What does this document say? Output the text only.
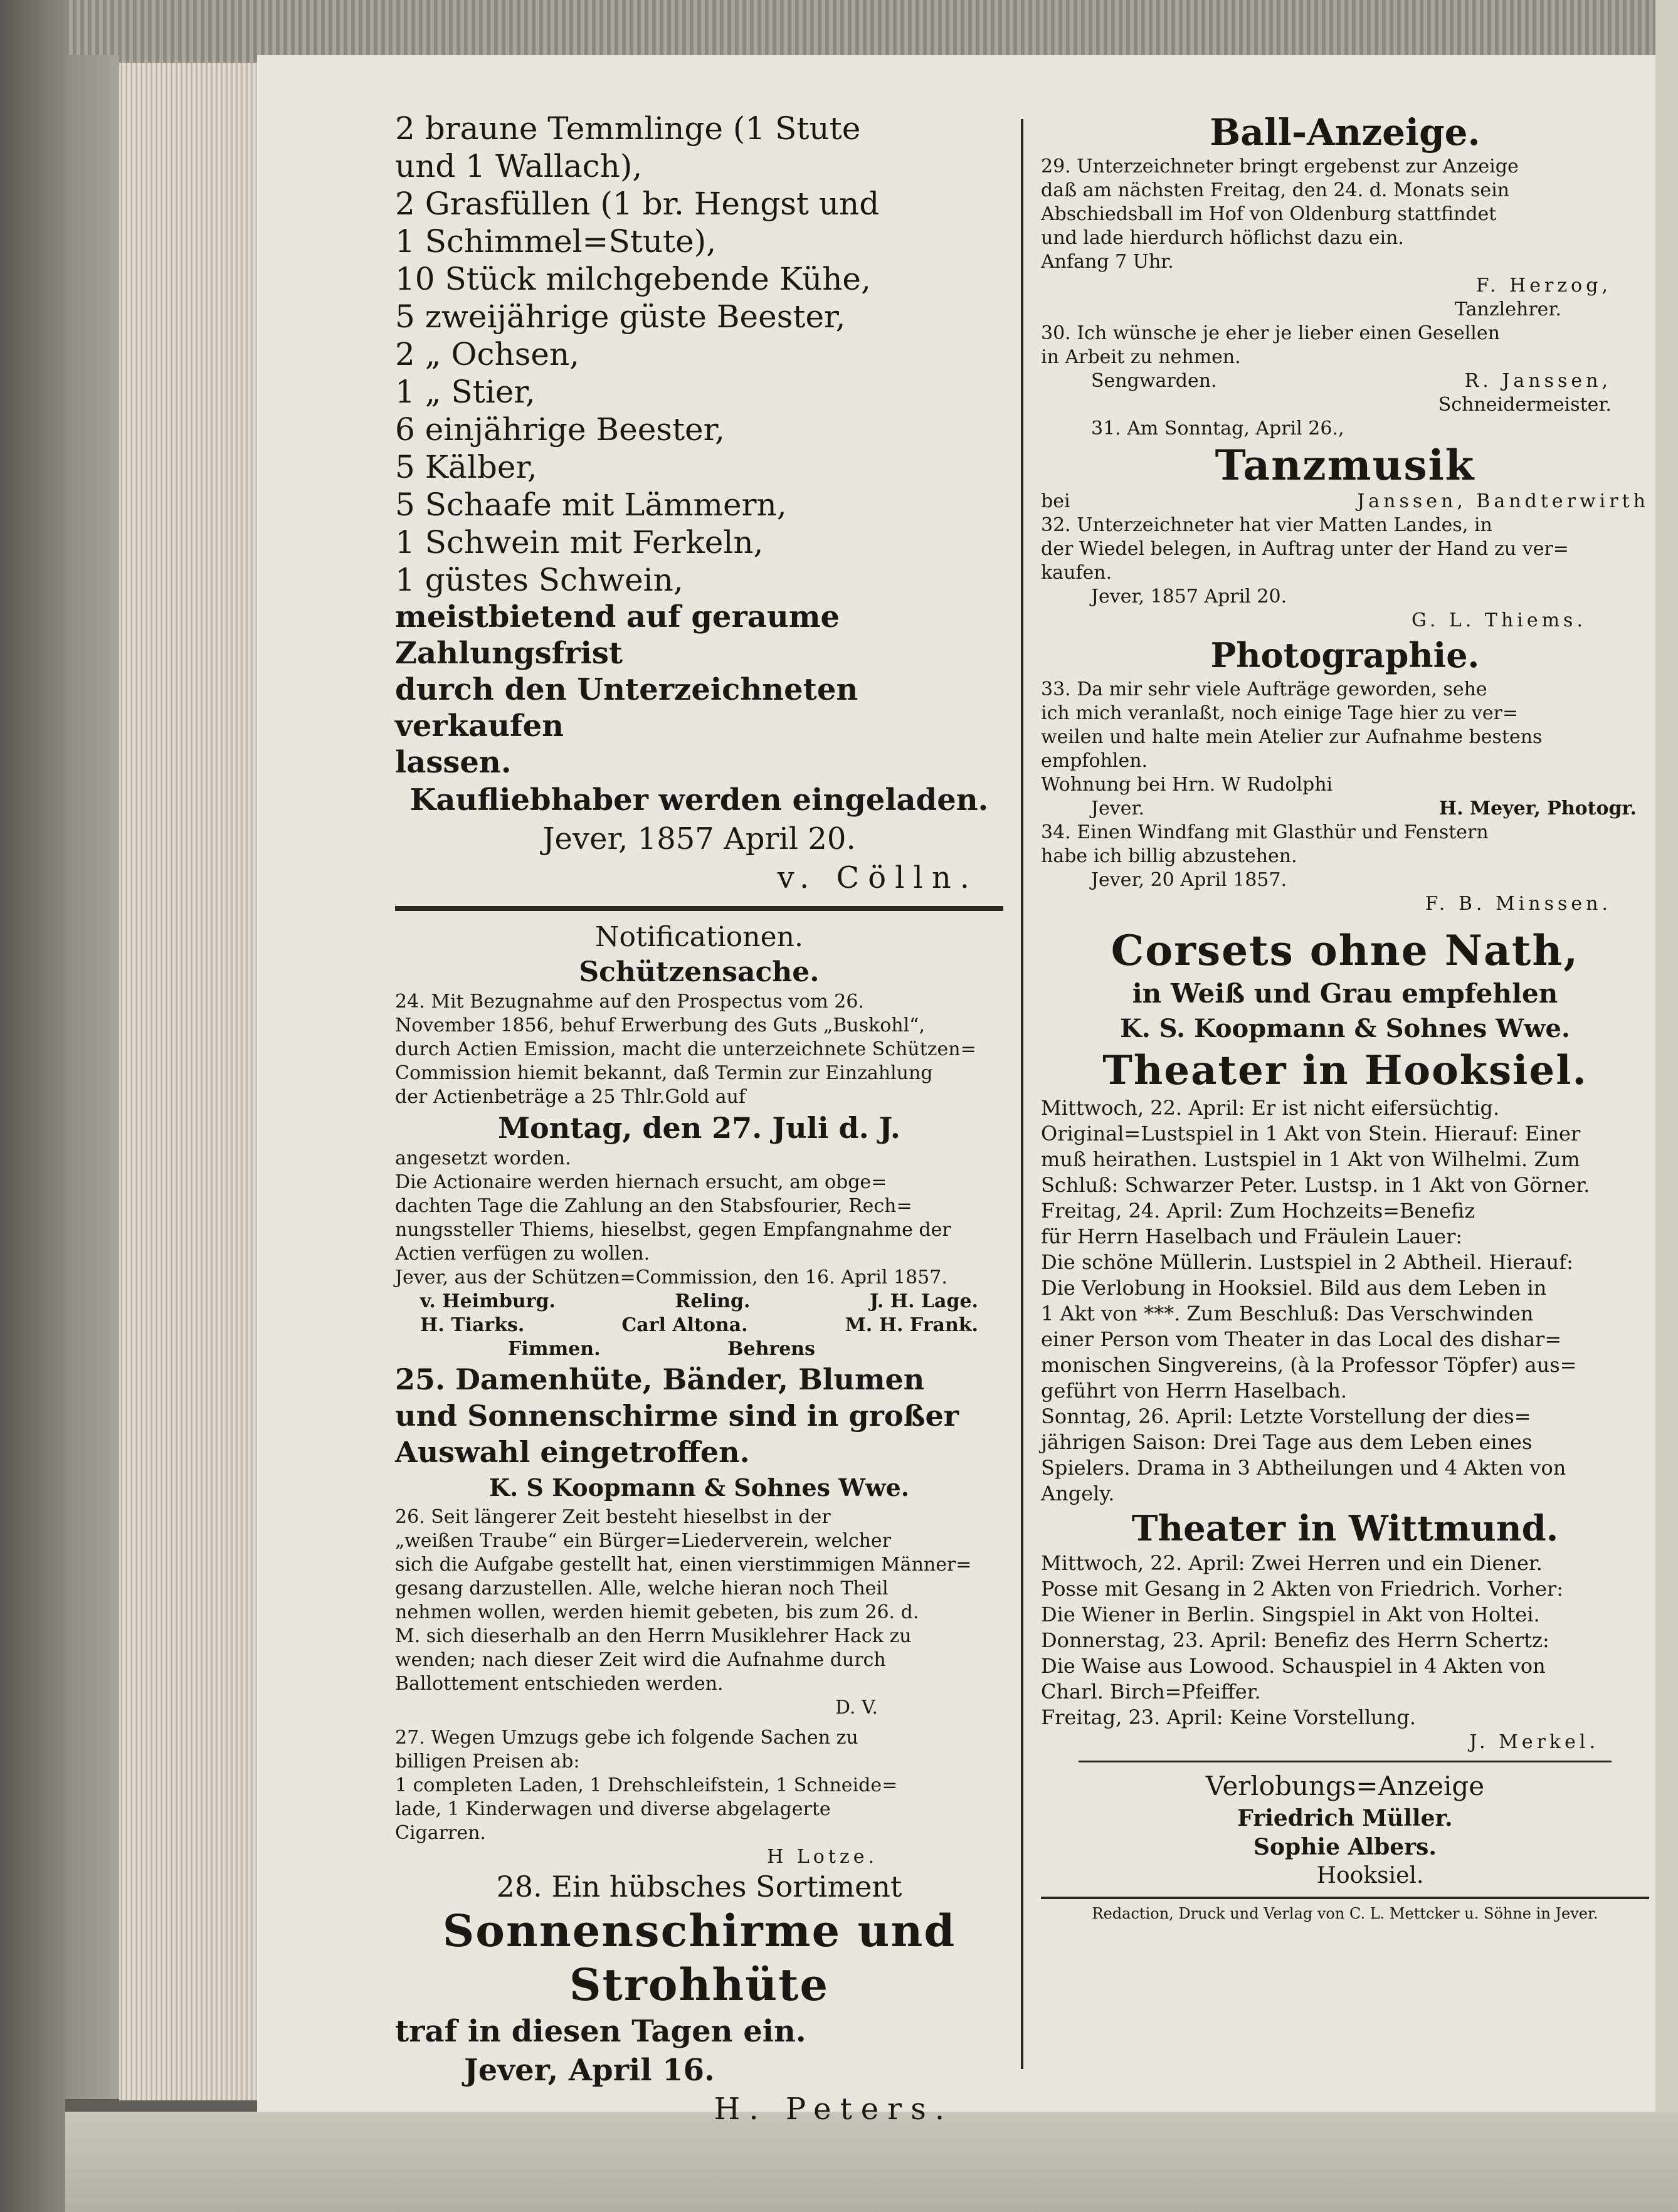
2 braune Temmlinge (1 Stute
und 1 Wallach),
2 Grasfüllen (1 br. Hengst und
1 Schimmel=Stute),
10 Stück milchgebende Kühe,
5 zweijährige güste Beester,
2 „ Ochsen,
1 „ Stier,
6 einjährige Beester,
5 Kälber,
5 Schaafe mit Lämmern,
1 Schwein mit Ferkeln,
1 güstes Schwein,
meistbietend auf geraume Zahlungsfrist
durch den Unterzeichneten verkaufen
lassen.
Kaufliebhaber werden eingeladen.
Jever, 1857 April 20.
v. Cölln.
Notificationen.
Schützensache.
24. Mit Bezugnahme auf den Prospectus vom 26.
November 1856, behuf Erwerbung des Guts „Buskohl“,
durch Actien Emission, macht die unterzeichnete Schützen=
Commission hiemit bekannt, daß Termin zur Einzahlung
der Actienbeträge a 25 Thlr.Gold auf
Montag, den 27. Juli d. J.
angesetzt worden.
Die Actionaire werden hiernach ersucht, am obge=
dachten Tage die Zahlung an den Stabsfourier, Rech=
nungssteller Thiems, hieselbst, gegen Empfangnahme der
Actien verfügen zu wollen.
Jever, aus der Schützen=Commission, den 16. April 1857.
v. Heimburg.	Reling.	J. H. Lage.
H. Tiarks.	Carl Altona.	M. H. Frank.
Fimmen.	Behrens
25. Damenhüte, Bänder, Blumen
und Sonnenschirme sind in großer
Auswahl eingetroffen.
K. S Koopmann & Sohnes Wwe.
26. Seit längerer Zeit besteht hieselbst in der
„weißen Traube“ ein Bürger=Liederverein, welcher
sich die Aufgabe gestellt hat, einen vierstimmigen Männer=
gesang darzustellen. Alle, welche hieran noch Theil
nehmen wollen, werden hiemit gebeten, bis zum 26. d.
M. sich dieserhalb an den Herrn Musiklehrer Hack zu
wenden; nach dieser Zeit wird die Aufnahme durch
Ballottement entschieden werden.
D. V.
27. Wegen Umzugs gebe ich folgende Sachen zu
billigen Preisen ab:
1 completen Laden, 1 Drehschleifstein, 1 Schneide=
lade, 1 Kinderwagen und diverse abgelagerte
Cigarren.
H Lotze.
28. Ein hübsches Sortiment
Sonnenschirme und
Strohhüte
traf in diesen Tagen ein.
Jever, April 16.
H. Peters.
Ball-Anzeige.
29. Unterzeichneter bringt ergebenst zur Anzeige
daß am nächsten Freitag, den 24. d. Monats sein
Abschiedsball im Hof von Oldenburg stattfindet
und lade hierdurch höflichst dazu ein.
Anfang 7 Uhr.
F. Herzog,
Tanzlehrer.
30. Ich wünsche je eher je lieber einen Gesellen
in Arbeit zu nehmen.
Sengwarden.	R. Janssen,
Schneidermeister.
31. Am Sonntag, April 26.,
Tanzmusik
bei	Janssen, Bandterwirth
32. Unterzeichneter hat vier Matten Landes, in
der Wiedel belegen, in Auftrag unter der Hand zu ver=
kaufen.
Jever, 1857 April 20.
G. L. Thiems.
Photographie.
33. Da mir sehr viele Aufträge geworden, sehe
ich mich veranlaßt, noch einige Tage hier zu ver=
weilen und halte mein Atelier zur Aufnahme bestens
empfohlen.
Wohnung bei Hrn. W Rudolphi
Jever.	H. Meyer, Photogr.
34. Einen Windfang mit Glasthür und Fenstern
habe ich billig abzustehen.
Jever, 20 April 1857.
F. B. Minssen.
Corsets ohne Nath,
in Weiß und Grau empfehlen
K. S. Koopmann & Sohnes Wwe.
Theater in Hooksiel.
Mittwoch, 22. April: Er ist nicht eifersüchtig.
Original=Lustspiel in 1 Akt von Stein. Hierauf: Einer
muß heirathen. Lustspiel in 1 Akt von Wilhelmi. Zum
Schluß: Schwarzer Peter. Lustsp. in 1 Akt von Görner.
Freitag, 24. April: Zum Hochzeits=Benefiz
für Herrn Haselbach und Fräulein Lauer:
Die schöne Müllerin. Lustspiel in 2 Abtheil. Hierauf:
Die Verlobung in Hooksiel. Bild aus dem Leben in
1 Akt von ***. Zum Beschluß: Das Verschwinden
einer Person vom Theater in das Local des dishar=
monischen Singvereins, (à la Professor Töpfer) aus=
geführt von Herrn Haselbach.
Sonntag, 26. April: Letzte Vorstellung der dies=
jährigen Saison: Drei Tage aus dem Leben eines
Spielers. Drama in 3 Abtheilungen und 4 Akten von
Angely.
Theater in Wittmund.
Mittwoch, 22. April: Zwei Herren und ein Diener.
Posse mit Gesang in 2 Akten von Friedrich. Vorher:
Die Wiener in Berlin. Singspiel in Akt von Holtei.
Donnerstag, 23. April: Benefiz des Herrn Schertz:
Die Waise aus Lowood. Schauspiel in 4 Akten von
Charl. Birch=Pfeiffer.
Freitag, 23. April: Keine Vorstellung.
J. Merkel.
Verlobungs=Anzeige
Friedrich Müller.
Sophie Albers.
Hooksiel.
Redaction, Druck und Verlag von C. L. Mettcker u. Söhne in Jever.
